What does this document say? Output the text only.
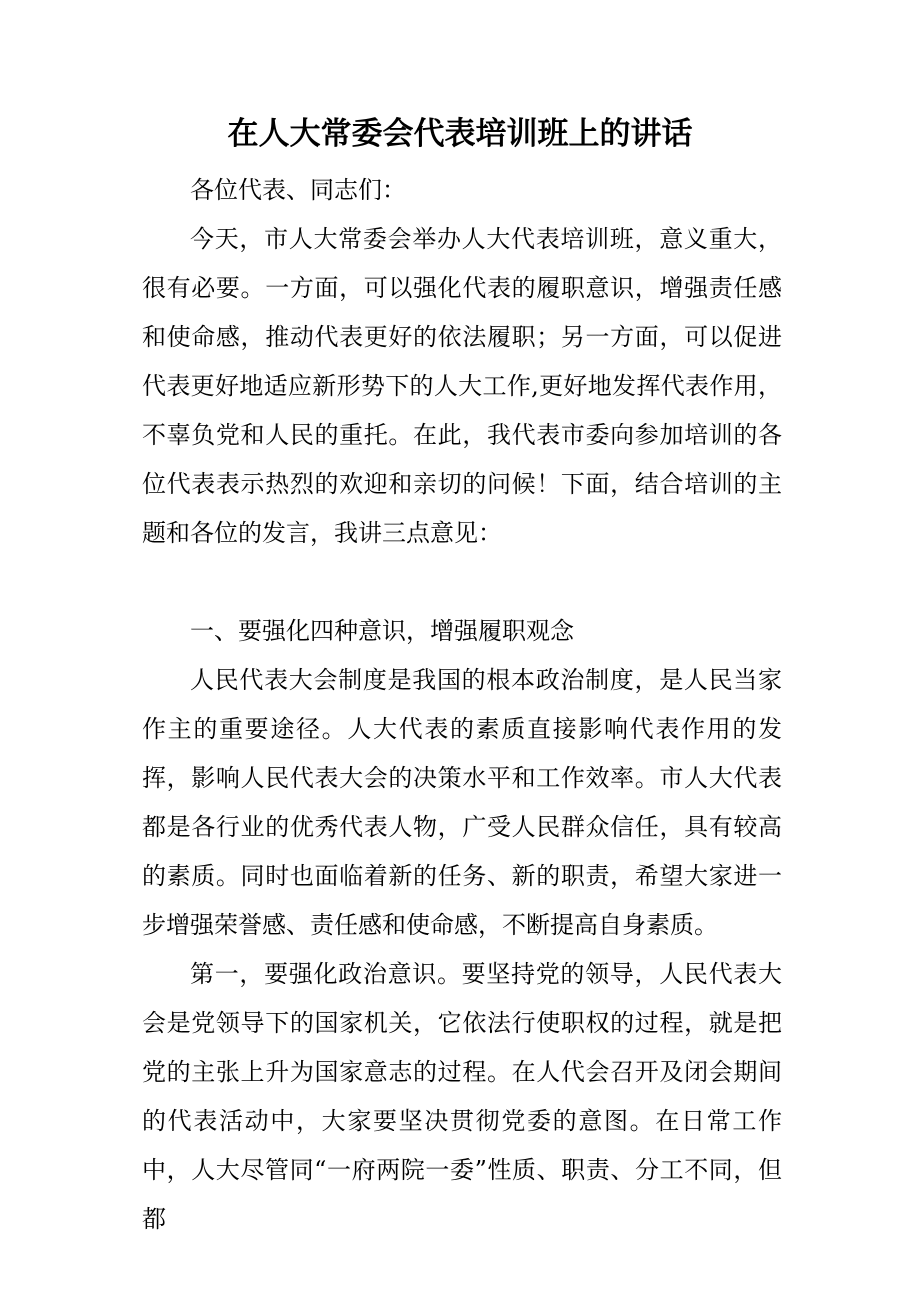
在人大常委会代表培训班上的讲话

各位代表、同志们：

今天，市人大常委会举办人大代表培训班，意义重大，很有必要。一方面，可以强化代表的履职意识，增强责任感和使命感，推动代表更好的依法履职；另一方面，可以促进代表更好地适应新形势下的人大工作,更好地发挥代表作用，不辜负党和人民的重托。在此，我代表市委向参加培训的各位代表表示热烈的欢迎和亲切的问候！下面，结合培训的主题和各位的发言，我讲三点意见：

一、要强化四种意识，增强履职观念

人民代表大会制度是我国的根本政治制度，是人民当家作主的重要途径。人大代表的素质直接影响代表作用的发挥，影响人民代表大会的决策水平和工作效率。市人大代表都是各行业的优秀代表人物，广受人民群众信任，具有较高的素质。同时也面临着新的任务、新的职责，希望大家进一步增强荣誉感、责任感和使命感，不断提高自身素质。

第一，要强化政治意识。要坚持党的领导，人民代表大会是党领导下的国家机关，它依法行使职权的过程，就是把党的主张上升为国家意志的过程。在人代会召开及闭会期间的代表活动中，大家要坚决贯彻党委的意图。在日常工作中，人大尽管同“一府两院一委”性质、职责、分工不同，但都
